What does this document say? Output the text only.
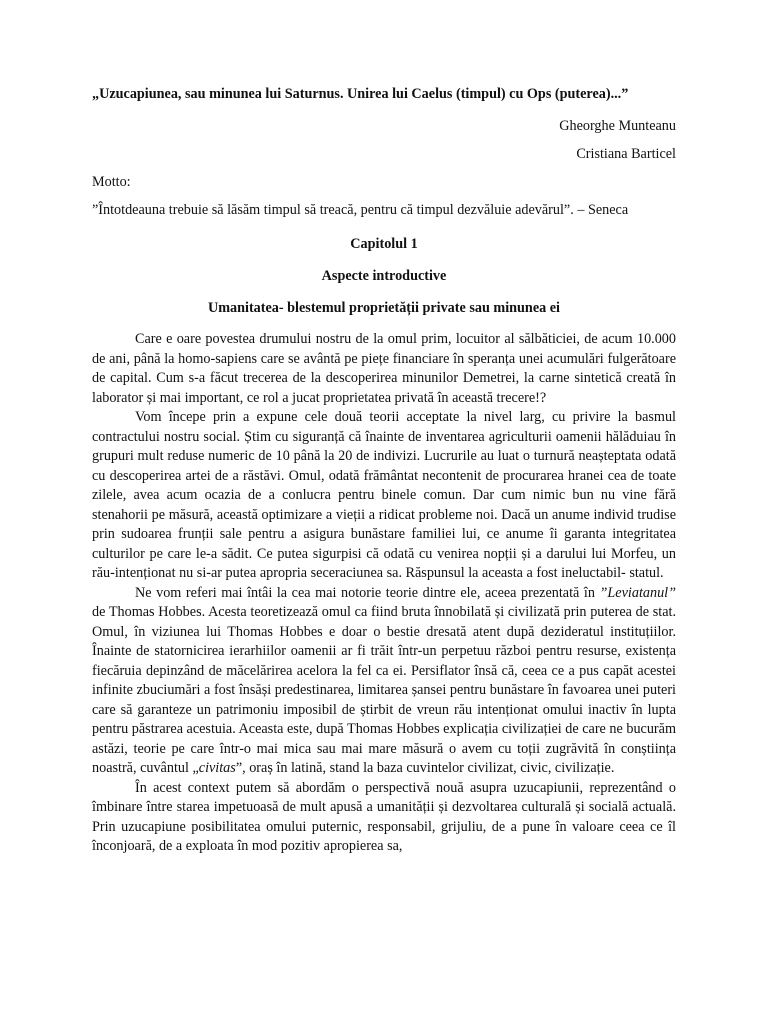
„Uzucapiunea, sau minunea lui Saturnus. Unirea lui Caelus (timpul) cu Ops (puterea)...”

Gheorghe Munteanu

Cristiana Barticel

Motto:

”Întotdeauna trebuie să lăsăm timpul să treacă, pentru că timpul dezvăluie adevărul”. – Seneca

Capitolul 1

Aspecte introductive

Umanitatea- blestemul proprietății private sau minunea ei

Care e oare povestea drumului nostru de la omul prim, locuitor al sălbăticiei, de acum 10.000 de ani, până la homo-sapiens care se avântă pe piețe financiare în speranța unei acumulări fulgerătoare de capital. Cum s-a făcut trecerea de la descoperirea minunilor Demetrei, la carne sintetică creată în laborator și mai important, ce rol a jucat proprietatea privată în această trecere!?

Vom începe prin a expune cele două teorii acceptate la nivel larg, cu privire la basmul contractului nostru social. Știm cu siguranță că înainte de inventarea agriculturii oamenii hălăduiau în grupuri mult reduse numeric de 10 până la 20 de indivizi. Lucrurile au luat o turnură neașteptata odată cu descoperirea artei de a răstăvi. Omul, odată frământat necontenit de procurarea hranei cea de toate zilele, avea acum ocazia de a conlucra pentru binele comun. Dar cum nimic bun nu vine fără stenahorii pe măsură, această optimizare a vieții a ridicat probleme noi. Dacă un anume individ trudise prin sudoarea frunții sale pentru a asigura bunăstare familiei lui, ce anume îi garanta integritatea culturilor pe care le-a sădit. Ce putea sigurpisi că odată cu venirea nopții și a darului lui Morfeu, un rău-intenționat nu si-ar putea apropria seceraciunea sa. Răspunsul la aceasta a fost ineluctabil- statul.

Ne vom referi mai întâi la cea mai notorie teorie dintre ele, aceea prezentată în ”Leviatanul” de Thomas Hobbes. Acesta teoretizează omul ca fiind bruta înnobilată și civilizată prin puterea de stat. Omul, în viziunea lui Thomas Hobbes e doar o bestie dresată atent după dezideratul instituțiilor. Înainte de statornicirea ierarhiilor oamenii ar fi trăit într-un perpetuu război pentru resurse, existența fiecăruia depinzând de măcelărirea acelora la fel ca ei. Persiflator însă că, ceea ce a pus capăt acestei infinite zbuciumări a fost însăși predestinarea, limitarea șansei pentru bunăstare în favoarea unei puteri care să garanteze un patrimoniu imposibil de știrbit de vreun rău intenționat omului inactiv în lupta pentru păstrarea acestuia. Aceasta este, după Thomas Hobbes explicația civilizației de care ne bucurăm astăzi, teorie pe care într-o mai mica sau mai mare măsură o avem cu toții zugrăvită în conștiința noastră, cuvântul „civitas”, oraș în latină, stand la baza cuvintelor civilizat, civic, civilizație.

În acest context putem să abordăm o perspectivă nouă asupra uzucapiunii, reprezentând o îmbinare între starea impetuoasă de mult apusă a umanității și dezvoltarea culturală și socială actuală. Prin uzucapiune posibilitatea omului puternic, responsabil, grijuliu, de a pune în valoare ceea ce îl înconjoară, de a exploata în mod pozitiv apropierea sa,
